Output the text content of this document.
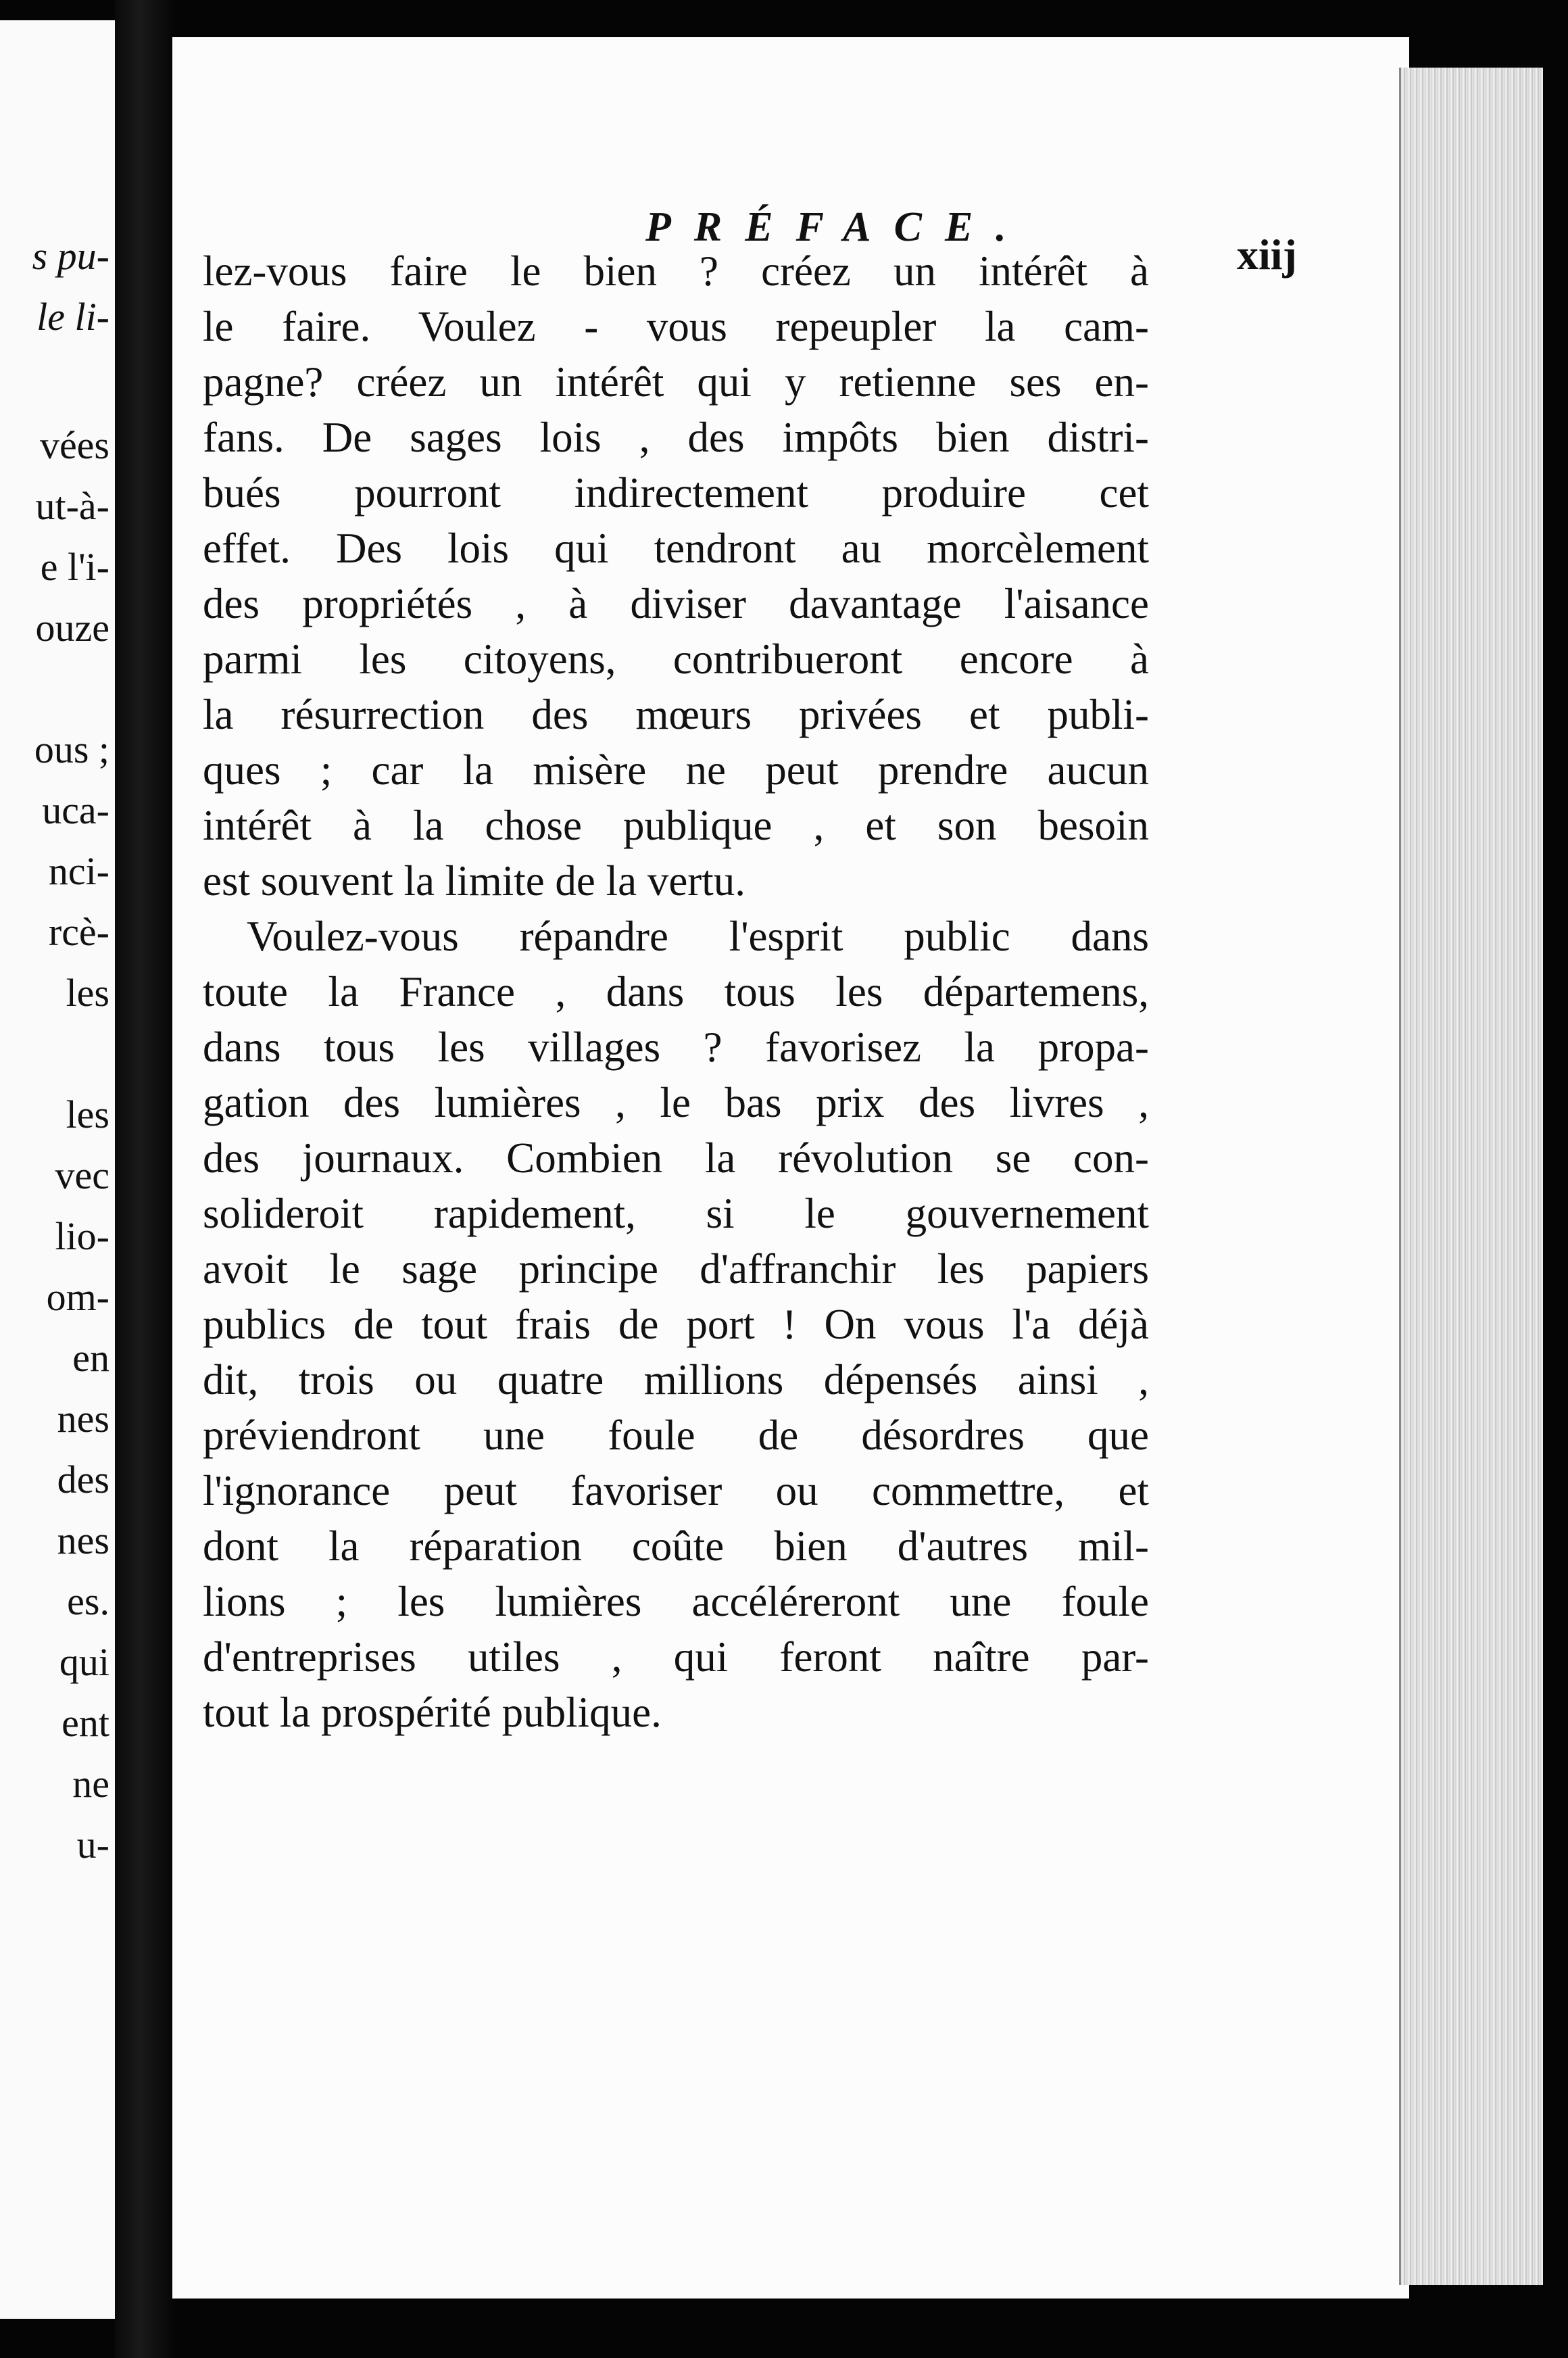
s pu-
le li-
vées
ut-à-
e l'i-
ouze
ous ;
uca-
nci-
rcè-
les
les
vec
lio-
om-
en
nes
des
nes
es.
qui
ent
ne
u-
PRÉFACE.
xiij
lez-vous faire le bien ? créez un intérêt à
le faire. Voulez - vous repeupler la cam-
pagne? créez un intérêt qui y retienne ses en-
fans. De sages lois , des impôts bien distri-
bués pourront indirectement produire cet
effet. Des lois qui tendront au morcèlement
des propriétés , à diviser davantage l'aisance
parmi les citoyens, contribueront encore à
la résurrection des mœurs privées et publi-
ques ; car la misère ne peut prendre aucun
intérêt à la chose publique , et son besoin
est souvent la limite de la vertu.
Voulez-vous répandre l'esprit public dans
toute la France , dans tous les départemens,
dans tous les villages ? favorisez la propa-
gation des lumières , le bas prix des livres ,
des journaux. Combien la révolution se con-
solideroit rapidement, si le gouvernement
avoit le sage principe d'affranchir les papiers
publics de tout frais de port ! On vous l'a déjà
dit, trois ou quatre millions dépensés ainsi ,
préviendront une foule de désordres que
l'ignorance peut favoriser ou commettre, et
dont la réparation coûte bien d'autres mil-
lions ; les lumières accéléreront une foule
d'entreprises utiles , qui feront naître par-
tout la prospérité publique.
